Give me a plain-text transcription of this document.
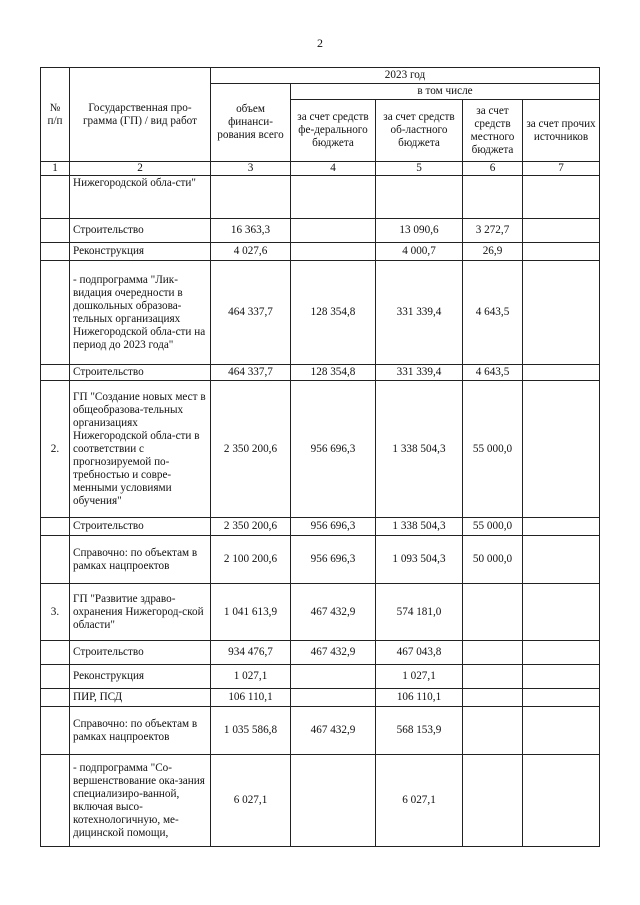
2
№ п/п	Государственная про-грамма (ГП) / вид работ	2023 год				
		объем финанси-рования всего	в том числе			
			за счет средств фе-дерального бюджета	за счет средств об-ластного бюджета	за счет средств местного бюджета	за счет прочих источников
1	2	3	4	5	6	7
	Нижегородской обла-сти"					
	Строительство	16 363,3		13 090,6	3 272,7	
	Реконструкция	4 027,6		4 000,7	26,9	
	- подпрограмма "Лик-видация очередности в дошкольных образова-тельных организациях Нижегородской обла-сти на период до 2023 года"	464 337,7	128 354,8	331 339,4	4 643,5	
	Строительство	464 337,7	128 354,8	331 339,4	4 643,5	
2.	ГП "Создание новых мест в общеобразова-тельных организациях Нижегородской обла-сти в соответствии с прогнозируемой по-требностью и совре-менными условиями обучения"	2 350 200,6	956 696,3	1 338 504,3	55 000,0	
	Строительство	2 350 200,6	956 696,3	1 338 504,3	55 000,0	
	Справочно: по объектам в рамках нацпроектов	2 100 200,6	956 696,3	1 093 504,3	50 000,0	
3.	ГП "Развитие здраво-охранения Нижегород-ской области"	1 041 613,9	467 432,9	574 181,0		
	Строительство	934 476,7	467 432,9	467 043,8		
	Реконструкция	1 027,1		1 027,1		
	ПИР, ПСД	106 110,1		106 110,1		
	Справочно: по объектам в рамках нацпроектов	1 035 586,8	467 432,9	568 153,9		
	- подпрограмма "Со-вершенствование ока-зания специализиро-ванной, включая высо-котехнологичную, ме-дицинской помощи,	6 027,1		6 027,1		
